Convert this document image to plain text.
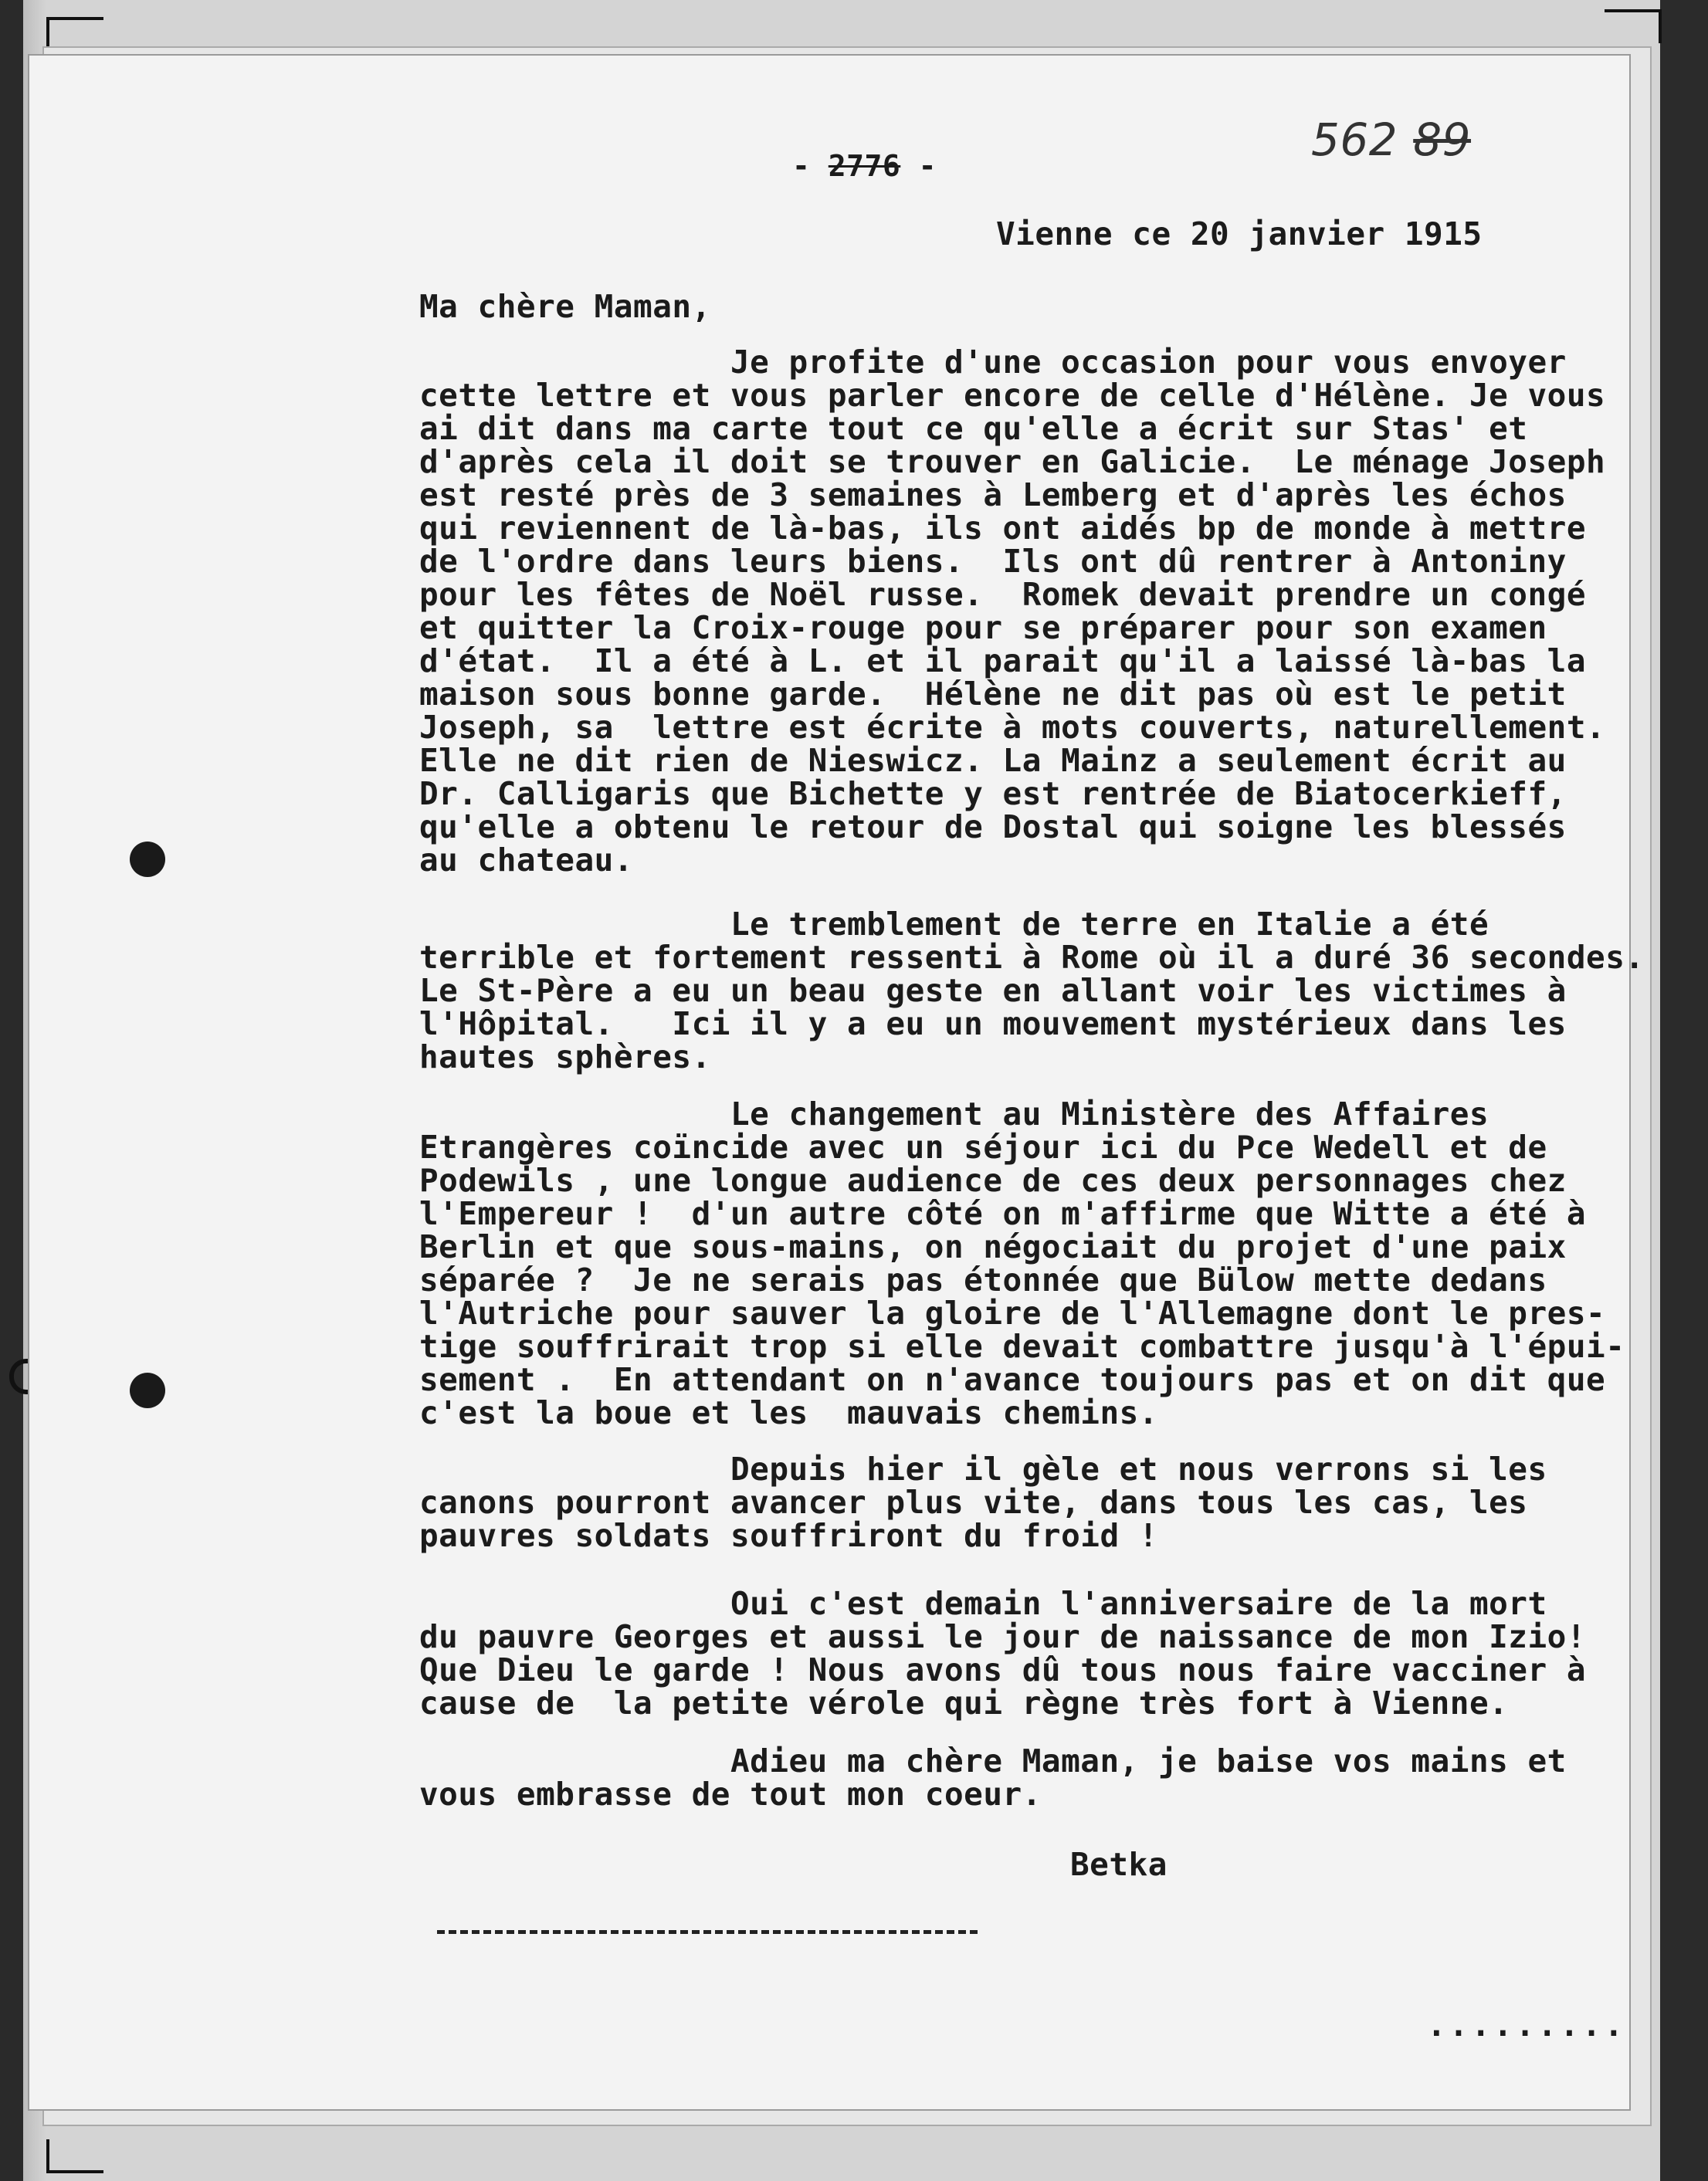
- 2776 -	562 89
Vienne ce 20 janvier 1915
Ma chère Maman,
Je profite d'une occasion pour vous envoyer
cette lettre et vous parler encore de celle d'Hélène. Je vous
ai dit dans ma carte tout ce qu'elle a écrit sur Stas' et
d'après cela il doit se trouver en Galicie.  Le ménage Joseph
est resté près de 3 semaines à Lemberg et d'après les échos
qui reviennent de là-bas, ils ont aidés bp de monde à mettre
de l'ordre dans leurs biens.  Ils ont dû rentrer à Antoniny
pour les fêtes de Noël russe.  Romek devait prendre un congé
et quitter la Croix-rouge pour se préparer pour son examen
d'état.  Il a été à L. et il parait qu'il a laissé là-bas la
maison sous bonne garde.  Hélène ne dit pas où est le petit
Joseph, sa  lettre est écrite à mots couverts, naturellement.
Elle ne dit rien de Nieswicz. La Mainz a seulement écrit au
Dr. Calligaris que Bichette y est rentrée de Biatocerkieff,
qu'elle a obtenu le retour de Dostal qui soigne les blessés
au chateau.
Le tremblement de terre en Italie a été
terrible et fortement ressenti à Rome où il a duré 36 secondes.
Le St-Père a eu un beau geste en allant voir les victimes à
l'Hôpital.   Ici il y a eu un mouvement mystérieux dans les
hautes sphères.
Le changement au Ministère des Affaires
Etrangères coïncide avec un séjour ici du Pce Wedell et de
Podewils , une longue audience de ces deux personnages chez
l'Empereur !  d'un autre côté on m'affirme que Witte a été à
Berlin et que sous-mains, on négociait du projet d'une paix
séparée ?  Je ne serais pas étonnée que Bülow mette dedans
l'Autriche pour sauver la gloire de l'Allemagne dont le pres-
tige souffrirait trop si elle devait combattre jusqu'à l'épui-
sement .  En attendant on n'avance toujours pas et on dit que
c'est la boue et les  mauvais chemins.
Depuis hier il gèle et nous verrons si les
canons pourront avancer plus vite, dans tous les cas, les
pauvres soldats souffriront du froid !
Oui c'est demain l'anniversaire de la mort
du pauvre Georges et aussi le jour de naissance de mon Izio!
Que Dieu le garde ! Nous avons dû tous nous faire vacciner à
cause de  la petite vérole qui règne très fort à Vienne.
Adieu ma chère Maman, je baise vos mains et
vous embrasse de tout mon coeur.
Betka
.........
